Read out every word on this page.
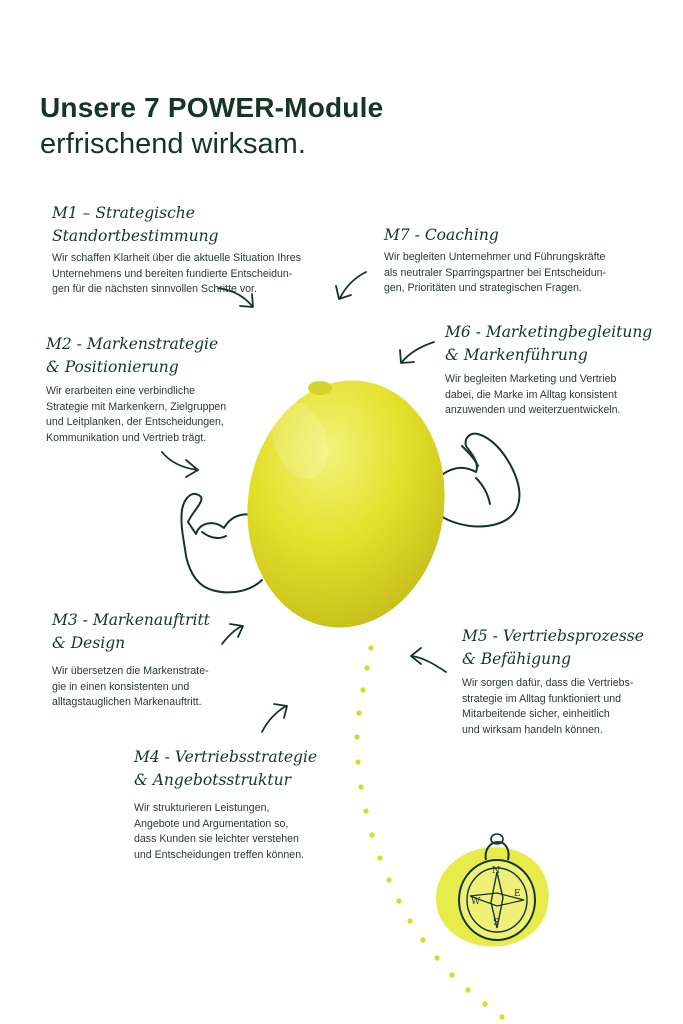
N
E
S
W
Unsere 7 POWER-Module
erfrischend wirksam.
M1 – Strategische Standortbestimmung

Wir schaffen Klarheit über die aktuelle Situation Ihres
Unternehmens und bereiten fundierte Entscheidun-
gen für die nächsten sinnvollen Schritte vor.

M7 - Coaching

Wir begleiten Unternehmer und Führungskräfte
als neutraler Sparringspartner bei Entscheidun-
gen, Prioritäten und strategischen Fragen.

M2 - Markenstrategie
& Positionierung

Wir erarbeiten eine verbindliche
Strategie mit Markenkern, Zielgruppen
und Leitplanken, der Entscheidungen,
Kommunikation und Vertrieb trägt.

M6 - Marketingbegleitung
& Markenführung

Wir begleiten Marketing und Vertrieb
dabei, die Marke im Alltag konsistent
anzuwenden und weiterzuentwickeln.

M3 - Markenauftritt
& Design

Wir übersetzen die Markenstrate-
gie in einen konsistenten und
alltagstauglichen Markenauftritt.

M5 - Vertriebsprozesse
& Befähigung

Wir sorgen dafür, dass die Vertriebs-
strategie im Alltag funktioniert und
Mitarbeitende sicher, einheitlich
und wirksam handeln können.

M4 - Vertriebsstrategie
& Angebotsstruktur

Wir strukturieren Leistungen,
Angebote und Argumentation so,
dass Kunden sie leichter verstehen
und Entscheidungen treffen können.
